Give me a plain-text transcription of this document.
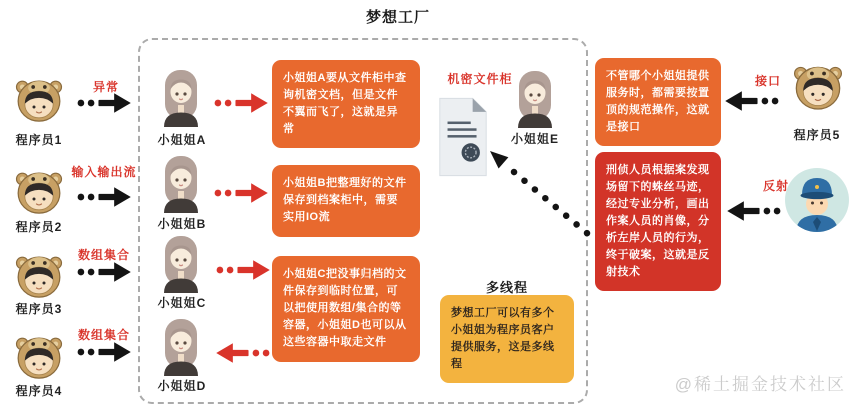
梦想工厂
程序员1
异常
程序员2
输入输出流
程序员3
数组集合
程序员4
数组集合
小姐姐A
小姐姐B
小姐姐C
小姐姐D
小姐姐A要从文件柜中查询机密文档，但是文件不翼而飞了，这就是异常
小姐姐B把整理好的文件保存到档案柜中，需要实用IO流
小姐姐C把没事归档的文件保存到临时位置，可以把使用数组/集合的等容器，小姐姐D也可以从这些容器中取走文件
机密文件柜
小姐姐E
多线程
梦想工厂可以有多个小姐姐为程序员客户提供服务，这是多线程
不管哪个小姐姐提供服务时，都需要按置顶的规范操作，这就是接口
接口
程序员5
刑侦人员根据案发现场留下的蛛丝马迹，经过专业分析，画出作案人员的肖像，分析左岸人员的行为，终于破案，这就是反射技术
反射
@稀土掘金技术社区
